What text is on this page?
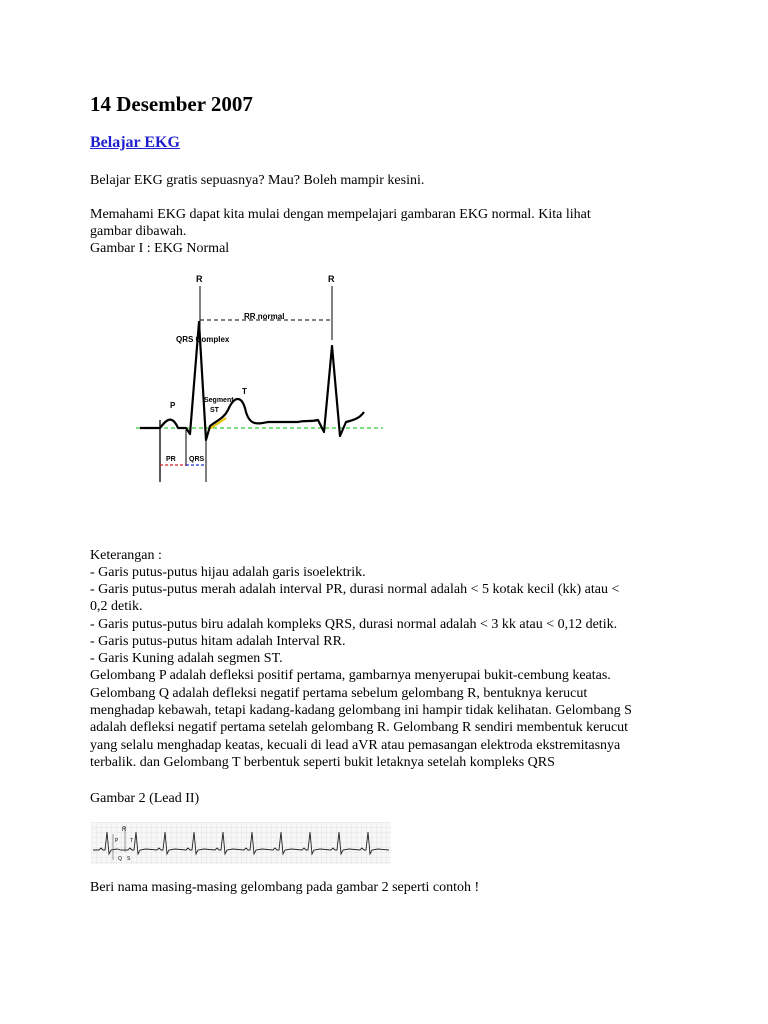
14 Desember 2007
Belajar EKG

Belajar EKG gratis sepuasnya? Mau? Boleh mampir kesini.

Memahami EKG dapat kita mulai dengan mempelajari gambaran EKG normal. Kita lihat

gambar dibawah.

Gambar I : EKG Normal

Keterangan :

- Garis putus-putus hijau adalah garis isoelektrik.

- Garis putus-putus merah adalah interval PR, durasi normal adalah < 5 kotak kecil (kk) atau <

0,2 detik.

- Garis putus-putus biru adalah kompleks QRS, durasi normal adalah < 3 kk atau < 0,12 detik.

- Garis putus-putus hitam adalah Interval RR.

- Garis Kuning adalah segmen ST.

Gelombang P adalah defleksi positif pertama, gambarnya menyerupai bukit-cembung keatas.

Gelombang Q adalah defleksi negatif pertama sebelum gelombang R, bentuknya kerucut

menghadap kebawah, tetapi kadang-kadang gelombang ini hampir tidak kelihatan. Gelombang S

adalah defleksi negatif pertama setelah gelombang R. Gelombang R sendiri membentuk kerucut

yang selalu menghadap keatas, kecuali di lead aVR atau pemasangan elektroda ekstremitasnya

terbalik. dan Gelombang T berbentuk seperti bukit letaknya setelah kompleks QRS

Gambar 2 (Lead II)

Beri nama masing-masing gelombang pada gambar 2 seperti contoh !

R	R
RR normal
QRS Complex
P
T
Segment
ST
PR QRS
R
P T
Q S
